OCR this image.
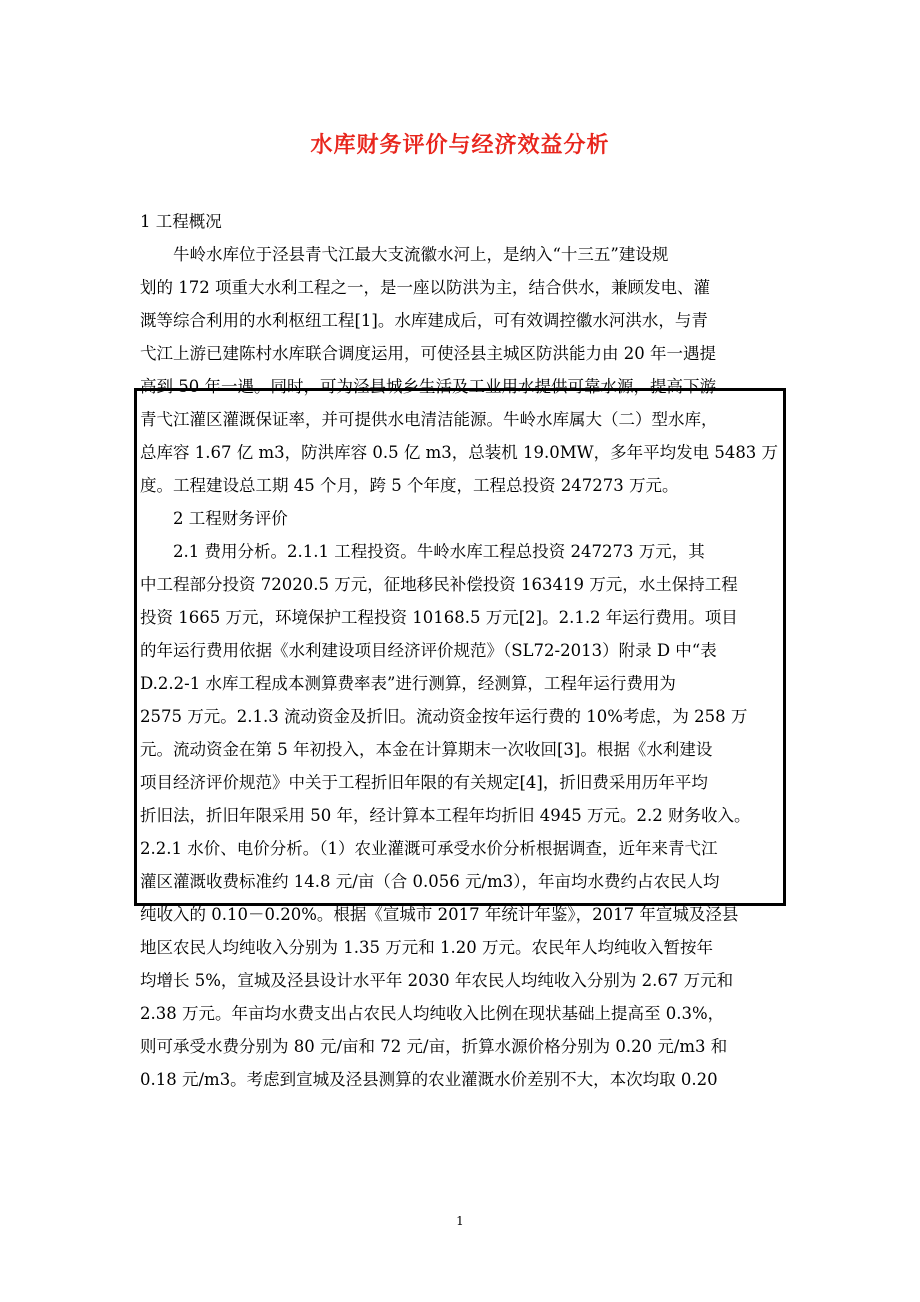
水库财务评价与经济效益分析
1 工程概况
　　牛岭水库位于泾县青弋江最大支流徽水河上，是纳入“十三五”建设规
划的 172 项重大水利工程之一，是一座以防洪为主，结合供水，兼顾发电、灌
溉等综合利用的水利枢纽工程[1]。水库建成后，可有效调控徽水河洪水，与青
弋江上游已建陈村水库联合调度运用，可使泾县主城区防洪能力由 20 年一遇提
高到 50 年一遇。同时，可为泾县城乡生活及工业用水提供可靠水源，提高下游
青弋江灌区灌溉保证率，并可提供水电清洁能源。牛岭水库属大（二）型水库，
总库容 1.67 亿 m3，防洪库容 0.5 亿 m3，总装机 19.0MW，多年平均发电 5483 万
度。工程建设总工期 45 个月，跨 5 个年度，工程总投资 247273 万元。
　　2 工程财务评价
　　2.1 费用分析。2.1.1 工程投资。牛岭水库工程总投资 247273 万元，其
中工程部分投资 72020.5 万元，征地移民补偿投资 163419 万元，水土保持工程
投资 1665 万元，环境保护工程投资 10168.5 万元[2]。2.1.2 年运行费用。项目
的年运行费用依据《水利建设项目经济评价规范》（SL72-2013）附录 D 中“表
D.2.2-1 水库工程成本测算费率表”进行测算，经测算，工程年运行费用为
2575 万元。2.1.3 流动资金及折旧。流动资金按年运行费的 10%考虑，为 258 万
元。流动资金在第 5 年初投入，本金在计算期末一次收回[3]。根据《水利建设
项目经济评价规范》中关于工程折旧年限的有关规定[4]，折旧费采用历年平均
折旧法，折旧年限采用 50 年，经计算本工程年均折旧 4945 万元。2.2 财务收入。
2.2.1 水价、电价分析。（1）农业灌溉可承受水价分析根据调查，近年来青弋江
灌区灌溉收费标准约 14.8 元/亩（合 0.056 元/m3），年亩均水费约占农民人均
纯收入的 0.10－0.20%。根据《宣城市 2017 年统计年鉴》，2017 年宣城及泾县
地区农民人均纯收入分别为 1.35 万元和 1.20 万元。农民年人均纯收入暂按年
均增长 5%，宣城及泾县设计水平年 2030 年农民人均纯收入分别为 2.67 万元和
2.38 万元。年亩均水费支出占农民人均纯收入比例在现状基础上提高至 0.3%，
则可承受水费分别为 80 元/亩和 72 元/亩，折算水源价格分别为 0.20 元/m3 和
0.18 元/m3。考虑到宣城及泾县测算的农业灌溉水价差别不大，本次均取 0.20
1
